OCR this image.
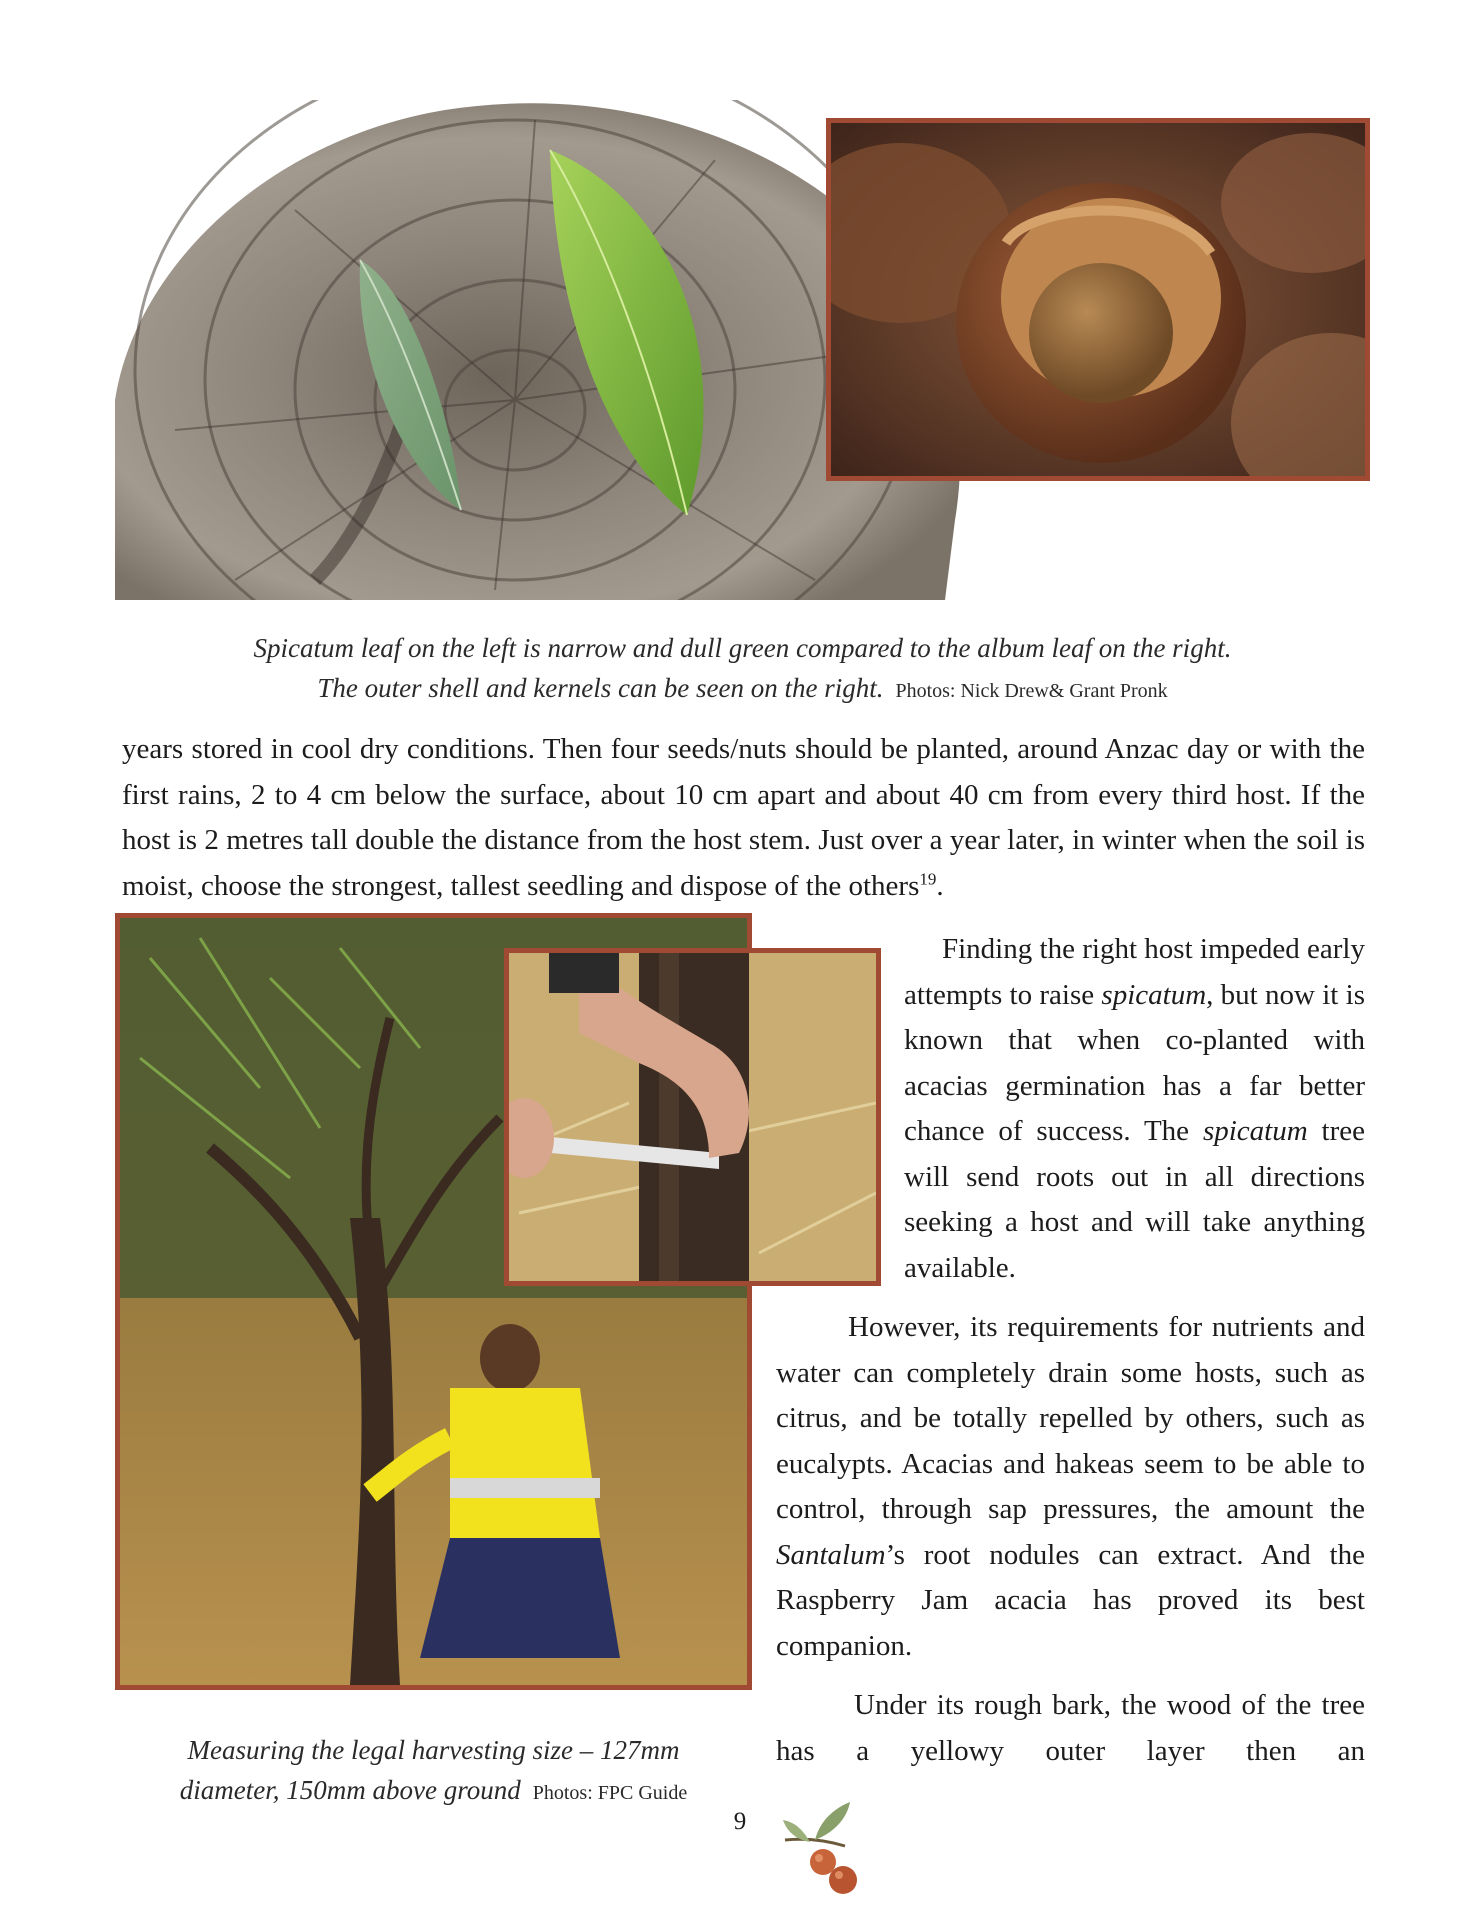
Spicatum leaf on the left is narrow and dull green compared to the album leaf on the right.
The outer shell and kernels can be seen on the right. Photos: Nick Drew& Grant Pronk

years stored in cool dry conditions. Then four seeds/nuts should be planted, around Anzac day or with the first rains, 2 to 4 cm below the surface, about 10 cm apart and about 40 cm from every third host. If the host is 2 metres tall double the distance from the host stem. Just over a year later, in winter when the soil is moist, choose the strongest, tallest seedling and dispose of the others$^{19}$.

Finding the right host impeded early attempts to raise spicatum, but now it is known that when co-planted with acacias germination has a far better chance of success. The spicatum tree will send roots out in all directions seeking a host and will take anything available.

However, its requirements for nutrients and water can completely drain some hosts, such as citrus, and be totally repelled by others, such as eucalypts. Acacias and hakeas seem to be able to control, through sap pressures, the amount the Santalum’s root nodules can extract. And the Raspberry Jam acacia has proved its best companion.

Under its rough bark, the wood of the tree has a yellowy outer layer then an

Measuring the legal harvesting size – 127mm
diameter, 150mm above ground Photos: FPC Guide
9
